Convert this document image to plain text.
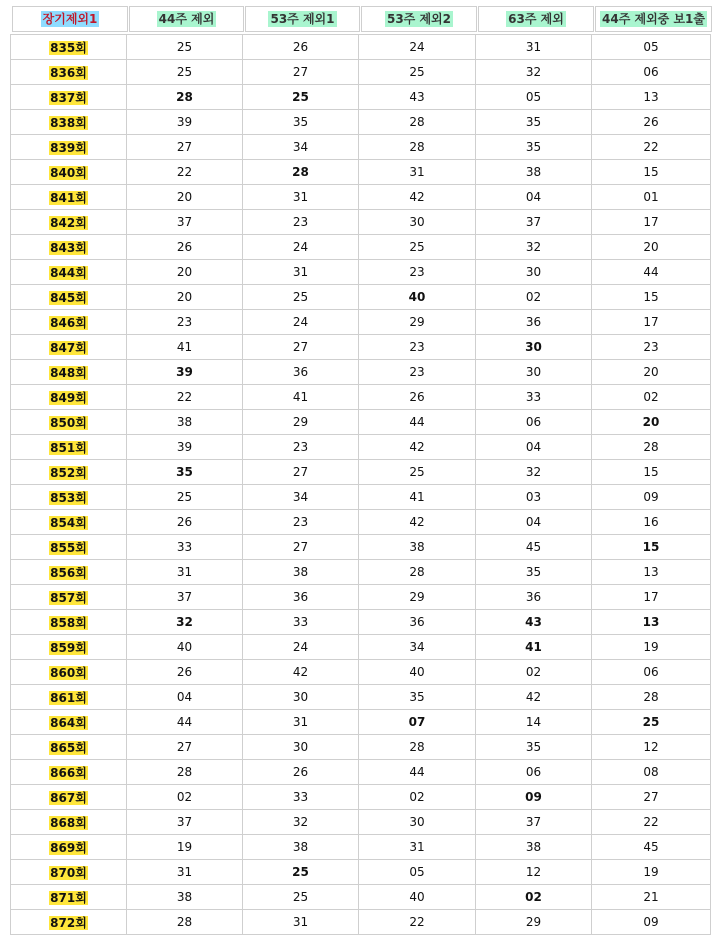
장기제외1	44주 제외	53주 제외1	53주 제외2	63주 제외	44주 제외중 보1출
835회	25	26	24	31	05
836회	25	27	25	32	06
837회	28	25	43	05	13
838회	39	35	28	35	26
839회	27	34	28	35	22
840회	22	28	31	38	15
841회	20	31	42	04	01
842회	37	23	30	37	17
843회	26	24	25	32	20
844회	20	31	23	30	44
845회	20	25	40	02	15
846회	23	24	29	36	17
847회	41	27	23	30	23
848회	39	36	23	30	20
849회	22	41	26	33	02
850회	38	29	44	06	20
851회	39	23	42	04	28
852회	35	27	25	32	15
853회	25	34	41	03	09
854회	26	23	42	04	16
855회	33	27	38	45	15
856회	31	38	28	35	13
857회	37	36	29	36	17
858회	32	33	36	43	13
859회	40	24	34	41	19
860회	26	42	40	02	06
861회	04	30	35	42	28
864회	44	31	07	14	25
865회	27	30	28	35	12
866회	28	26	44	06	08
867회	02	33	02	09	27
868회	37	32	30	37	22
869회	19	38	31	38	45
870회	31	25	05	12	19
871회	38	25	40	02	21
872회	28	31	22	29	09
